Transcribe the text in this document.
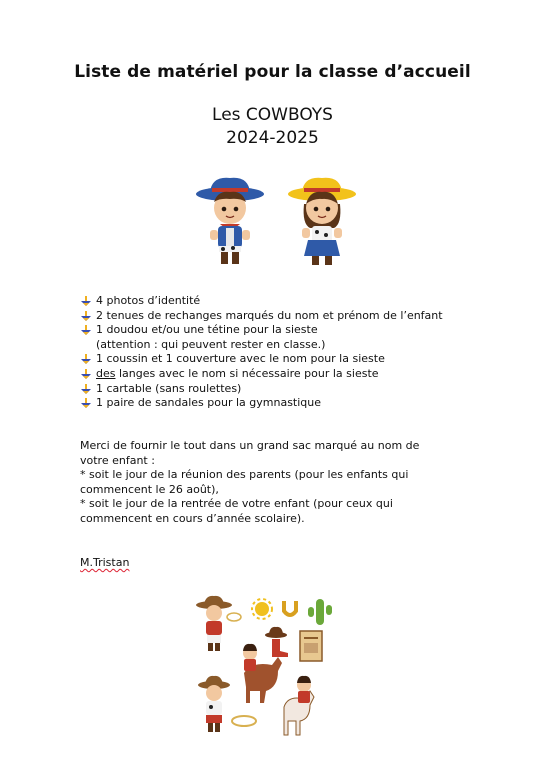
Liste de matériel pour la classe d’accueil
Les COWBOYS
2024-2025
4 photos d’identité
2 tenues de rechanges marqués du nom et prénom de l’enfant
1 doudou et/ou une tétine pour la sieste
(attention : qui peuvent rester en classe.)
1 coussin et 1 couverture avec le nom pour la sieste
des langes avec le nom si nécessaire pour la sieste
1 cartable (sans roulettes)
1 paire de sandales pour la gymnastique
Merci de fournir le tout dans un grand sac marqué au nom de
votre enfant :
* soit le jour de la réunion des parents (pour les enfants qui
commencent le 26 août),
* soit le jour de la rentrée de votre enfant (pour ceux qui
commencent en cours d’année scolaire).
M.Tristan
